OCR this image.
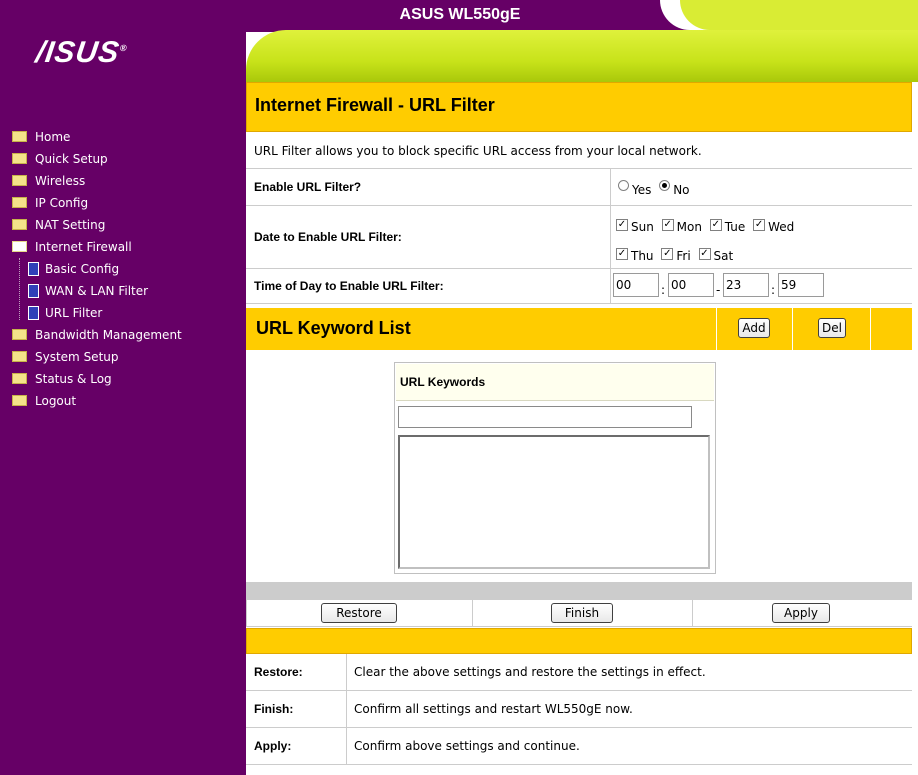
/ISUS®
Home
Quick Setup
Wireless
IP Config
NAT Setting
Internet Firewall
Basic Config
WAN & LAN Filter
URL Filter
Bandwidth Management
System Setup
Status & Log
Logout
ASUS WL550gE
Internet Firewall - URL Filter
URL Filter allows you to block specific URL access from your local network.
Enable URL Filter?	Yes No
Date to Enable URL Filter:
✓ Sun ✓ Mon ✓ Tue ✓ Wed
✓ Thu ✓ Fri ✓ Sat
Time of Day to Enable URL Filter:	00	: 00	- 23	: 59
URL Keyword List	Add	Del
URL Keywords
Restore	Finish	Apply
Restore:	Clear the above settings and restore the settings in effect.
Finish:	Confirm all settings and restart WL550gE now.
Apply:	Confirm above settings and continue.
